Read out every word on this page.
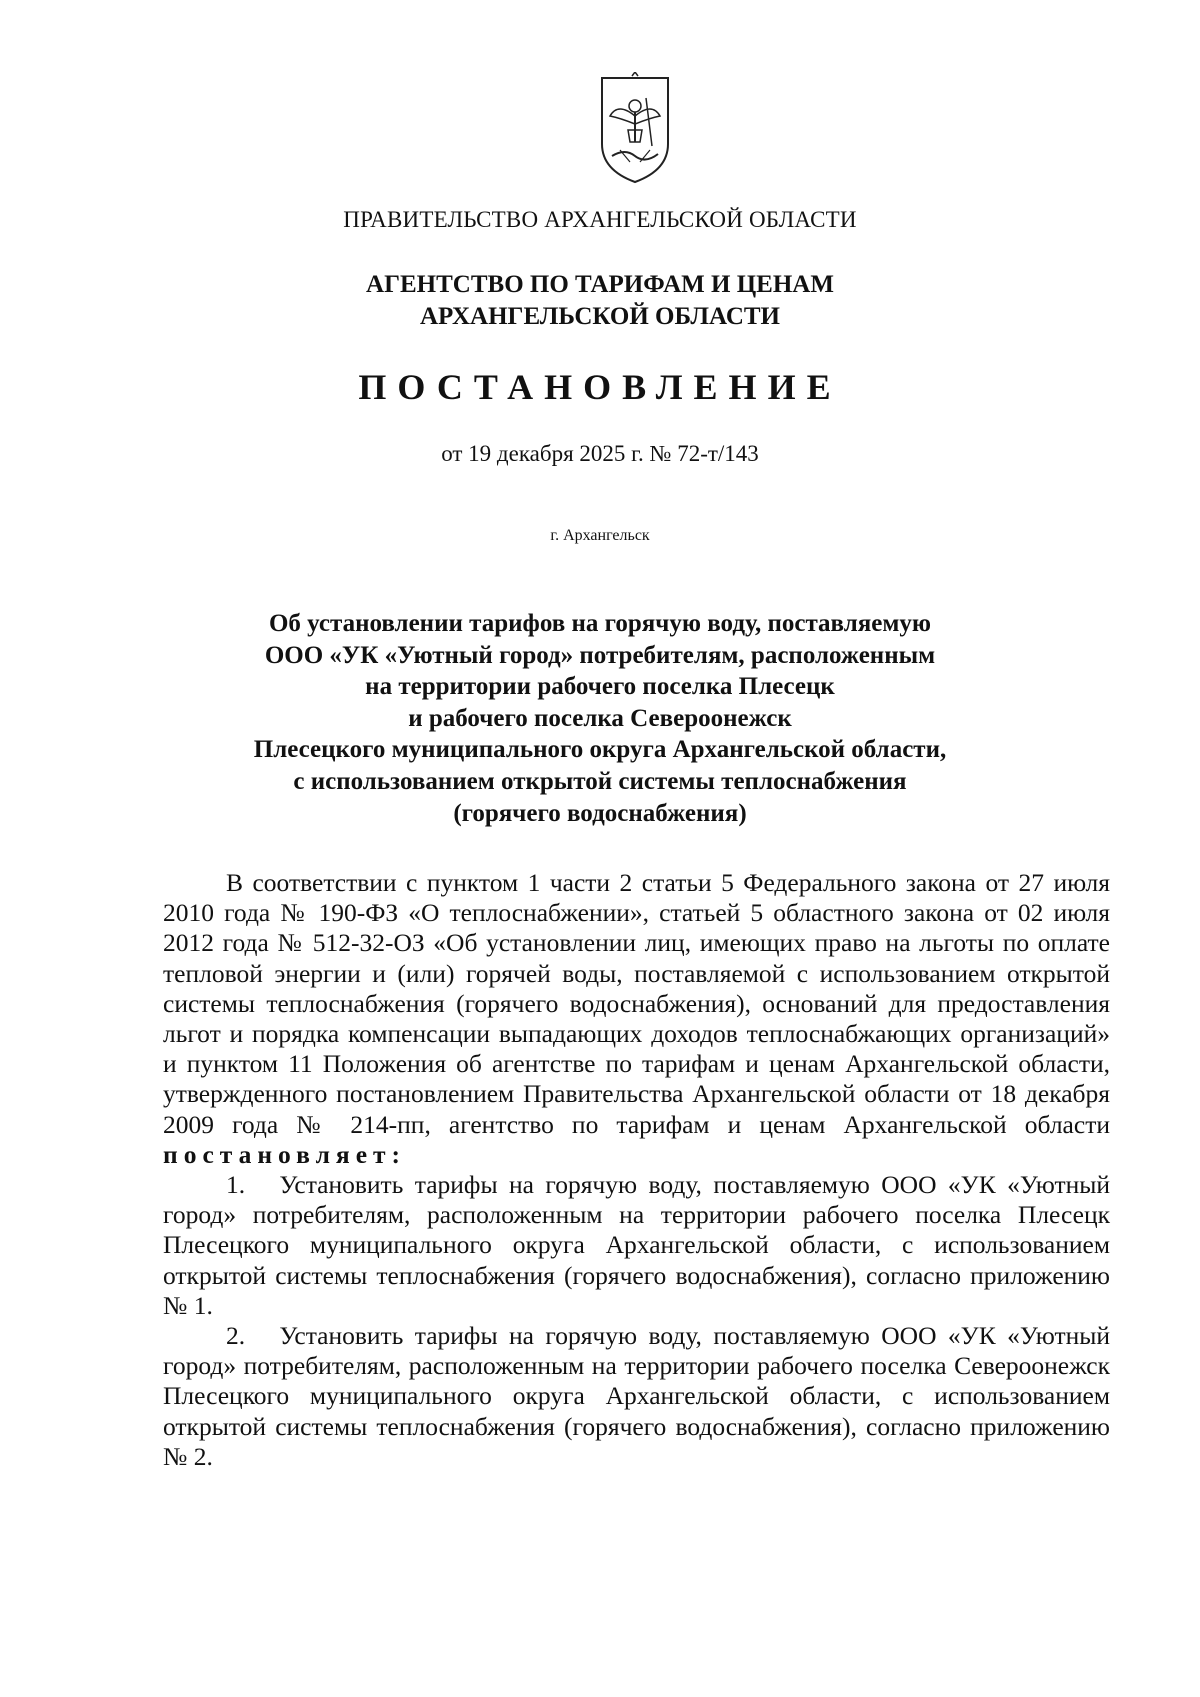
ПРАВИТЕЛЬСТВО АРХАНГЕЛЬСКОЙ ОБЛАСТИ
АГЕНТСТВО ПО ТАРИФАМ И ЦЕНАМ
АРХАНГЕЛЬСКОЙ ОБЛАСТИ
ПОСТАНОВЛЕНИЕ
от 19 декабря 2025 г. № 72-т/143
г. Архангельск
Об установлении тарифов на горячую воду, поставляемую
ООО «УК «Уютный город» потребителям, расположенным
на территории рабочего поселка Плесецк
и рабочего поселка Североонежск
Плесецкого муниципального округа Архангельской области,
с использованием открытой системы теплоснабжения
(горячего водоснабжения)

В соответствии с пунктом 1 части 2 статьи 5 Федерального закона от 27 июля 2010 года № 190-ФЗ «О теплоснабжении», статьей 5 областного закона от 02 июля 2012 года № 512-32-ОЗ «Об установлении лиц, имеющих право на льготы по оплате тепловой энергии и (или) горячей воды, поставляемой с использованием открытой системы теплоснабжения (горячего водоснабжения), оснований для предоставления льгот и порядка компенсации выпадающих доходов теплоснабжающих организаций» и пунктом 11 Положения об агентстве по тарифам и ценам Архангельской области, утвержденного постановлением Правительства Архангельской области от 18 декабря 2009 года № 214-пп, агентство по тарифам и ценам Архангельской области постановляет:

1. Установить тарифы на горячую воду, поставляемую ООО «УК «Уютный город» потребителям, расположенным на территории рабочего поселка Плесецк Плесецкого муниципального округа Архангельской области, с использованием открытой системы теплоснабжения (горячего водоснабжения), согласно приложению № 1.

2. Установить тарифы на горячую воду, поставляемую ООО «УК «Уютный город» потребителям, расположенным на территории рабочего поселка Североонежск Плесецкого муниципального округа Архангельской области, с использованием открытой системы теплоснабжения (горячего водоснабжения), согласно приложению № 2.
